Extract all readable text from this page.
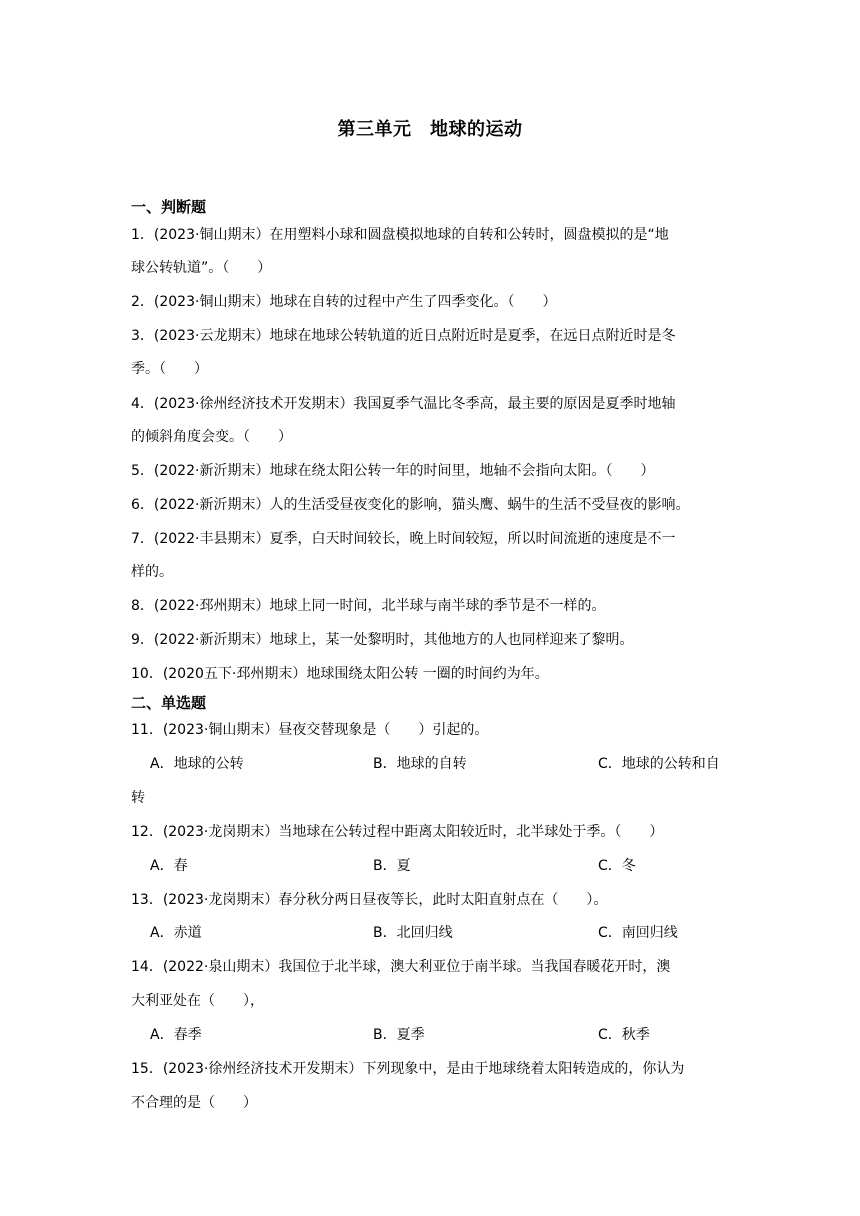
第三单元　地球的运动
一、判断题
1．(2023·铜山期末）在用塑料小球和圆盘模拟地球的自转和公转时，圆盘模拟的是“地
球公转轨道”。（　　）
2．(2023·铜山期末）地球在自转的过程中产生了四季变化。（　　）
3．(2023·云龙期末）地球在地球公转轨道的近日点附近时是夏季，在远日点附近时是冬
季。（　　）
4．(2023·徐州经济技术开发期末）我国夏季气温比冬季高，最主要的原因是夏季时地轴
的倾斜角度会变。（　　）
5．(2022·新沂期末）地球在绕太阳公转一年的时间里，地轴不会指向太阳。（　　）
6．(2022·新沂期末）人的生活受昼夜变化的影响，猫头鹰、蜗牛的生活不受昼夜的影响。
7．(2022·丰县期末）夏季，白天时间较长，晚上时间较短，所以时间流逝的速度是不一
样的。
8．(2022·邳州期末）地球上同一时间，北半球与南半球的季节是不一样的。
9．(2022·新沂期末）地球上，某一处黎明时，其他地方的人也同样迎来了黎明。
10．(2020五下·邳州期末）地球围绕太阳公转 一圈的时间约为年。
二、单选题
11．(2023·铜山期末）昼夜交替现象是（　　）引起的。
A．地球的公转	B．地球的自转	C．地球的公转和自
转
12．(2023·龙岗期末）当地球在公转过程中距离太阳较近时，北半球处于季。（　　）
A．春	B．夏	C．冬
13．(2023·龙岗期末）春分秋分两日昼夜等长，此时太阳直射点在（　　）。
A．赤道	B．北回归线	C．南回归线
14．(2022·泉山期末）我国位于北半球，澳大利亚位于南半球。当我国春暖花开时，澳
大利亚处在（　　），
A．春季	B．夏季	C．秋季
15．(2023·徐州经济技术开发期末）下列现象中，是由于地球绕着太阳转造成的，你认为
不合理的是（　　）
